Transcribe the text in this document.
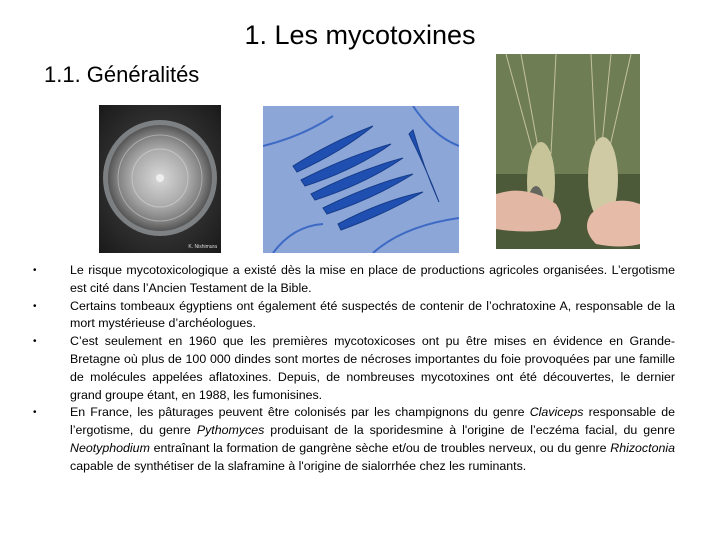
1. Les mycotoxines
1.1. Généralités
K. Nishimura
•	Le risque mycotoxicologique a existé dès la mise en place de productions agricoles organisées. L’ergotisme est cité dans l’Ancien Testament de la Bible.
•	Certains tombeaux égyptiens ont également été suspectés de contenir de l’ochratoxine A, responsable de la mort mystérieuse d’archéologues.
•	C’est seulement en 1960 que les premières mycotoxicoses ont pu être mises en évidence en Grande-Bretagne où plus de 100 000 dindes sont mortes de nécroses importantes du foie provoquées par une famille de molécules appelées aflatoxines. Depuis, de nombreuses mycotoxines ont été découvertes, le dernier grand groupe étant, en 1988, les fumonisines.
•	En France, les pâturages peuvent être colonisés par les champignons du genre Claviceps responsable de l’ergotisme, du genre Pythomyces produisant de la sporidesmine à l'origine de l’eczéma facial, du genre Neotyphodium entraînant la formation de gangrène sèche et/ou de troubles nerveux, ou du genre Rhizoctonia capable de synthétiser de la slaframine à l'origine de sialorrhée chez les ruminants.
